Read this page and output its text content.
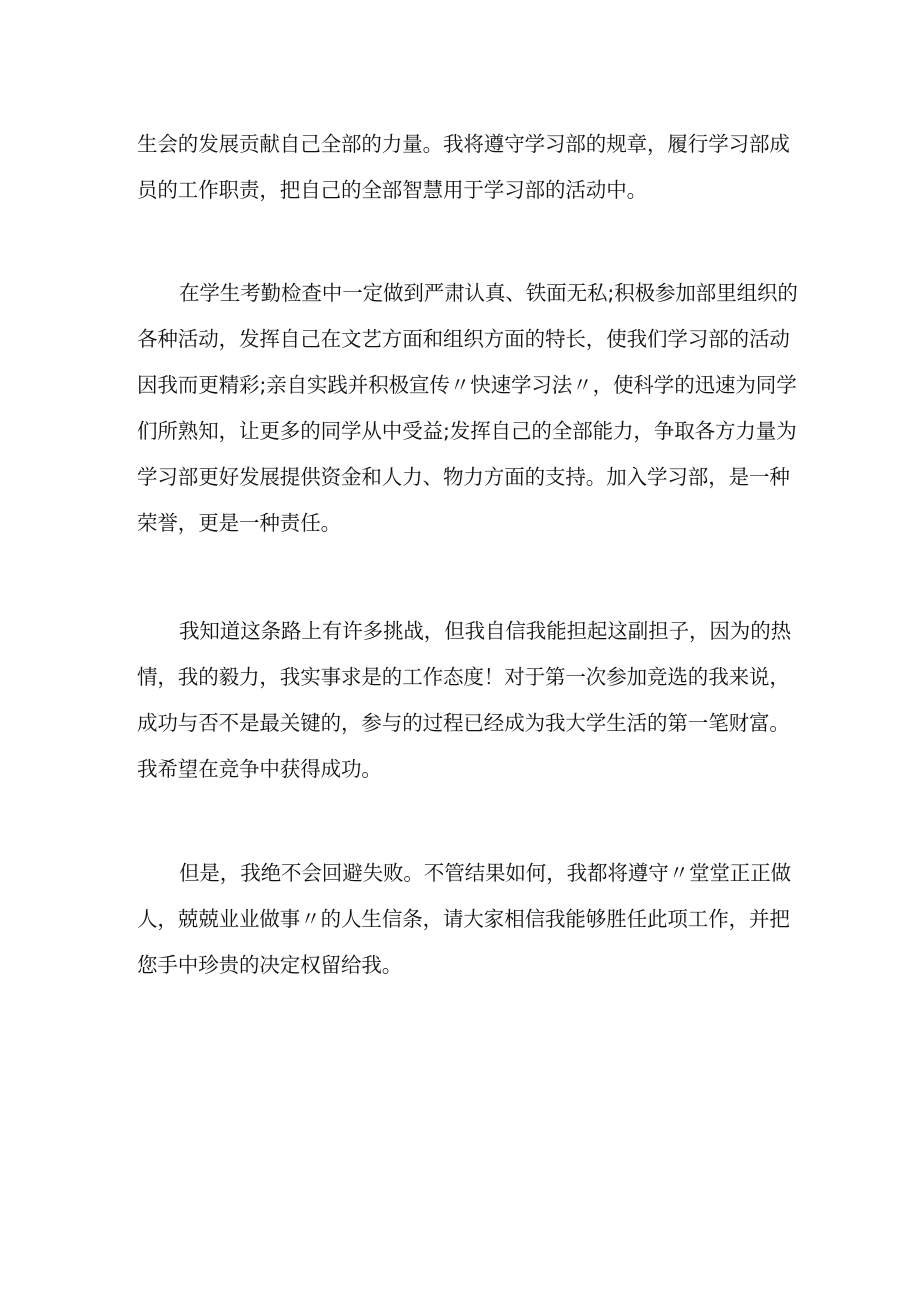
生会的发展贡献自己全部的力量。我将遵守学习部的规章，履行学习部成
员的工作职责，把自己的全部智慧用于学习部的活动中。
在学生考勤检查中一定做到严肃认真、铁面无私;积极参加部里组织的
各种活动，发挥自己在文艺方面和组织方面的特长，使我们学习部的活动
因我而更精彩;亲自实践并积极宣传〃快速学习法〃，使科学的迅速为同学
们所熟知，让更多的同学从中受益;发挥自己的全部能力，争取各方力量为
学习部更好发展提供资金和人力、物力方面的支持。加入学习部，是一种
荣誉，更是一种责任。
我知道这条路上有许多挑战，但我自信我能担起这副担子，因为的热
情，我的毅力，我实事求是的工作态度！对于第一次参加竞选的我来说，
成功与否不是最关键的，参与的过程已经成为我大学生活的第一笔财富。
我希望在竞争中获得成功。
但是，我绝不会回避失败。不管结果如何，我都将遵守〃堂堂正正做
人，兢兢业业做事〃的人生信条，请大家相信我能够胜任此项工作，并把
您手中珍贵的决定权留给我。
